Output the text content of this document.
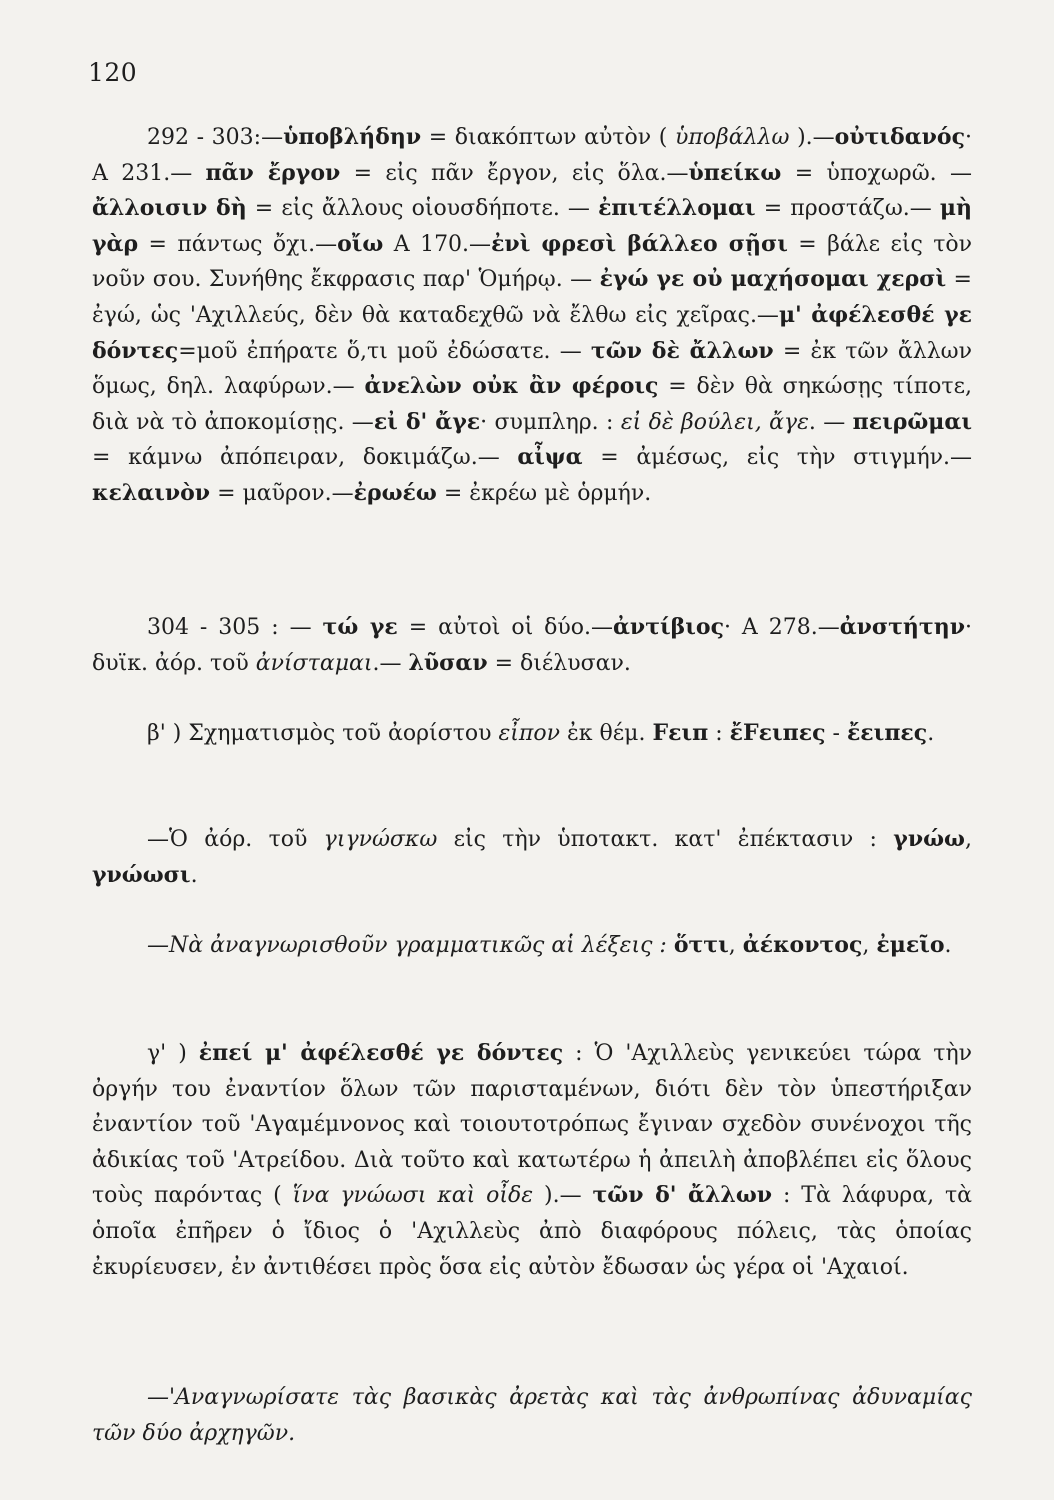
120

292 - 303:—ὑποβλήδην = διακόπτων αὐτὸν ( ὑποβάλλω ).—οὐτιδανός· Α 231.— πᾶν ἔργον = εἰς πᾶν ἔργον, εἰς ὅλα.—ὑπείκω = ὑποχωρῶ. — ἄλλοισιν δὴ = εἰς ἄλλους οἱουσδήποτε. — ἐπιτέλλομαι = προστάζω.— μὴ γὰρ = πάντως ὄχι.—οἴω Α 170.—ἐνὶ φρεσὶ βάλλεο σῇσι = βάλε εἰς τὸν νοῦν σου. Συνήθης ἔκφρασις παρ' Ὁμήρῳ. — ἐγώ γε οὐ μαχήσομαι χερσὶ = ἐγώ, ὡς 'Αχιλλεύς, δὲν θὰ καταδεχθῶ νὰ ἔλθω εἰς χεῖρας.—μ' ἀφέλεσθέ γε δόντες=μοῦ ἐπήρατε ὅ,τι μοῦ ἐδώσατε. — τῶν δὲ ἄλλων = ἐκ τῶν ἄλλων ὅμως, δηλ. λαφύρων.— ἀνελὼν οὐκ ἂν φέροις = δὲν θὰ σηκώσῃς τίποτε, διὰ νὰ τὸ ἀποκομίσῃς. —εἰ δ' ἄγε· συμπληρ. : εἰ δὲ βούλει, ἄγε. — πειρῶμαι = κάμνω ἀπόπειραν, δοκιμάζω.— αἶψα = ἀμέσως, εἰς τὴν στιγμήν.—κελαινὸν = μαῦρον.—ἐρωέω = ἐκρέω μὲ ὁρμήν.

304 - 305 : — τώ γε = αὐτοὶ οἱ δύο.—ἀντίβιος· Α 278.—ἀνστήτην· δυϊκ. ἀόρ. τοῦ ἀνίσταμαι.— λῦσαν = διέλυσαν.

β' ) Σχηματισμὸς τοῦ ἀορίστου εἶπον ἐκ θέμ. Fειπ : ἔFειπες - ἔειπες.

—Ὁ ἀόρ. τοῦ γιγνώσκω εἰς τὴν ὑποτακτ. κατ' ἐπέκτασιν : γνώω, γνώωσι.

—Νὰ ἀναγνωρισθοῦν γραμματικῶς αἱ λέξεις : ὅττι, ἀέκοντος, ἐμεῖο.

γ' ) ἐπεί μ' ἀφέλεσθέ γε δόντες : Ὁ 'Αχιλλεὺς γενικεύει τώρα τὴν ὀργήν του ἐναντίον ὅλων τῶν παρισταμένων, διότι δὲν τὸν ὑπεστήριξαν ἐναντίον τοῦ 'Αγαμέμνονος καὶ τοιουτοτρόπως ἔγιναν σχεδὸν συνένοχοι τῆς ἀδικίας τοῦ 'Ατρείδου. Διὰ τοῦτο καὶ κατωτέρω ἡ ἀπειλὴ ἀποβλέπει εἰς ὅλους τοὺς παρόντας ( ἵνα γνώωσι καὶ οἶδε ).— τῶν δ' ἄλλων : Τὰ λάφυρα, τὰ ὁποῖα ἐπῆρεν ὁ ἴδιος ὁ 'Αχιλλεὺς ἀπὸ διαφόρους πόλεις, τὰς ὁποίας ἐκυρίευσεν, ἐν ἀντιθέσει πρὸς ὅσα εἰς αὐτὸν ἔδωσαν ὡς γέρα οἱ 'Αχαιοί.

—'Αναγνωρίσατε τὰς βασικὰς ἀρετὰς καὶ τὰς ἀνθρωπίνας ἀδυναμίας τῶν δύο ἀρχηγῶν.
